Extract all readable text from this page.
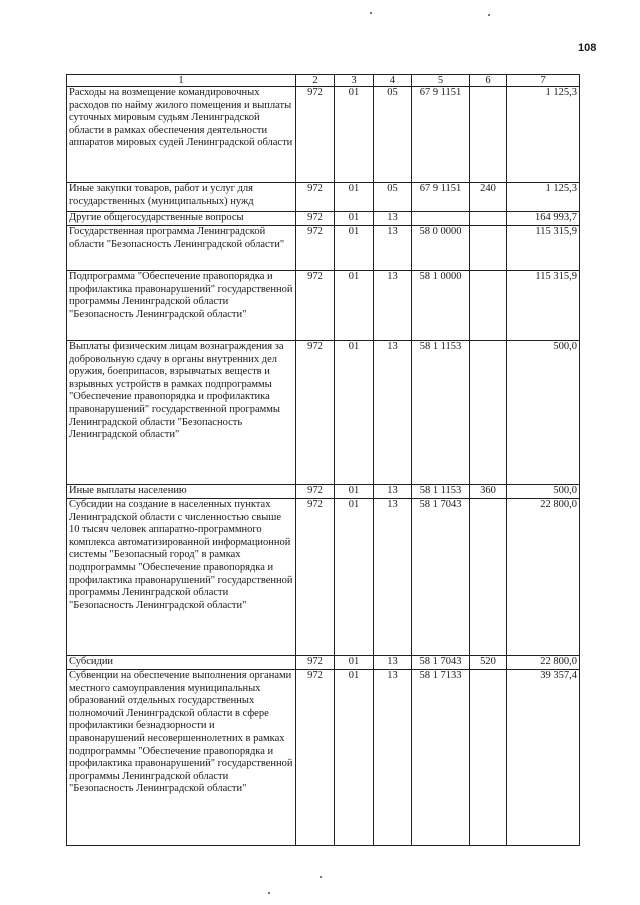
108
1	2	3	4	5	6	7
Расходы на возмещение командировочных расходов по найму жилого помещения и выплаты суточных мировым судьям Ленинградской области в рамках обеспечения деятельности аппаратов мировых судей Ленинградской области	972	01	05	67 9 1151		1 125,3
Иные закупки товаров, работ и услуг для государственных (муниципальных) нужд	972	01	05	67 9 1151	240	1 125,3
Другие общегосударственные вопросы	972	01	13			164 993,7
Государственная программа Ленинградской области "Безопасность Ленинградской области"	972	01	13	58 0 0000		115 315,9
Подпрограмма "Обеспечение правопорядка и профилактика правонарушений" государственной программы Ленинградской области "Безопасность Ленинградской области"	972	01	13	58 1 0000		115 315,9
Выплаты физическим лицам вознаграждения за добровольную сдачу в органы внутренних дел оружия, боеприпасов, взрывчатых веществ и взрывных устройств в рамках подпрограммы "Обеспечение правопорядка и профилактика правонарушений" государственной программы Ленинградской области "Безопасность Ленинградской области"	972	01	13	58 1 1153		500,0
Иные выплаты населению	972	01	13	58 1 1153	360	500,0
Субсидии на создание в населенных пунктах Ленинградской области с численностью свыше 10 тысяч человек аппаратно-программного комплекса автоматизированной информационной системы "Безопасный город" в рамках подпрограммы "Обеспечение правопорядка и профилактика правонарушений" государственной программы Ленинградской области "Безопасность Ленинградской области"	972	01	13	58 1 7043		22 800,0
Субсидии	972	01	13	58 1 7043	520	22 800,0
Субвенции на обеспечение выполнения органами местного самоуправления муниципальных образований отдельных государственных полномочий Ленинградской области в сфере профилактики безнадзорности и правонарушений несовершеннолетних в рамках подпрограммы "Обеспечение правопорядка и профилактика правонарушений" государственной программы Ленинградской области "Безопасность Ленинградской области"	972	01	13	58 1 7133		39 357,4
